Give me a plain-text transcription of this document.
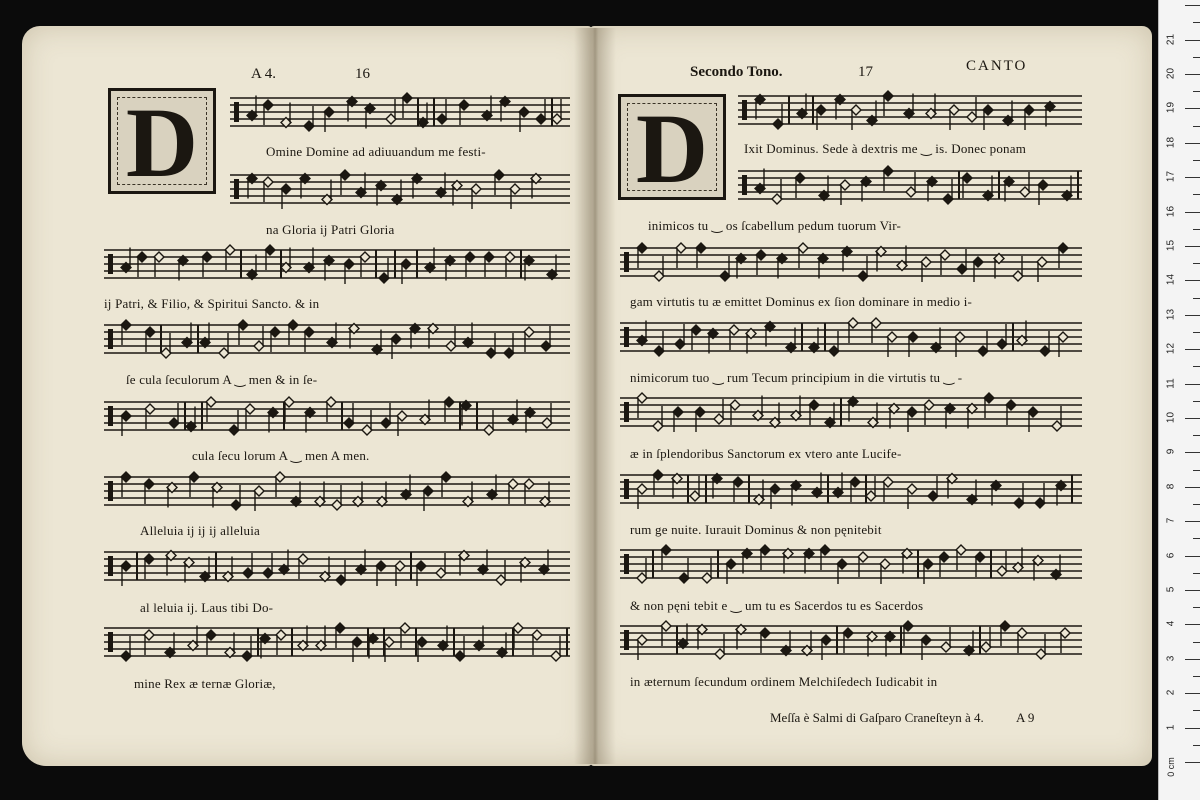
A 4.	16
D	Omine Domine ad adiuuandum me festi-
na Gloria ij Patri Gloria
ij Patri, & Filio, & Spiritui Sancto. & in
ſe cula ſeculorum A ‿ men & in ſe-
cula ſecu lorum A ‿ men A men.
Alleluia ij ij ij alleluia
al leluia ij. Laus tibi Do-
mine Rex æ ternæ Gloriæ,
Secondo Tono.	17	CANTO
D	Ixit Dominus. Sede à dextris me ‿ is. Donec ponam
inimicos tu ‿ os ſcabellum pedum tuorum Vir-
gam virtutis tu æ emittet Dominus ex ſion dominare in medio i-
nimicorum tuo ‿ rum Tecum principium in die virtutis tu ‿ -
æ in ſplendoribus Sanctorum ex vtero ante Lucife-
rum ge nuite. Iurauit Dominus & non pęnitebit
& non pęni tebit e ‿ um tu es Sacerdos tu es Sacerdos
in æternum ſecundum ordinem Melchiſedech Iudicabit in
Meſſa è Salmi di Gaſparo Craneſteyn à 4. A 9
0 cm
1
2
3
4
5
6
7
8
9
10
11
12
13
14
15
16
17
18
19
20
21
